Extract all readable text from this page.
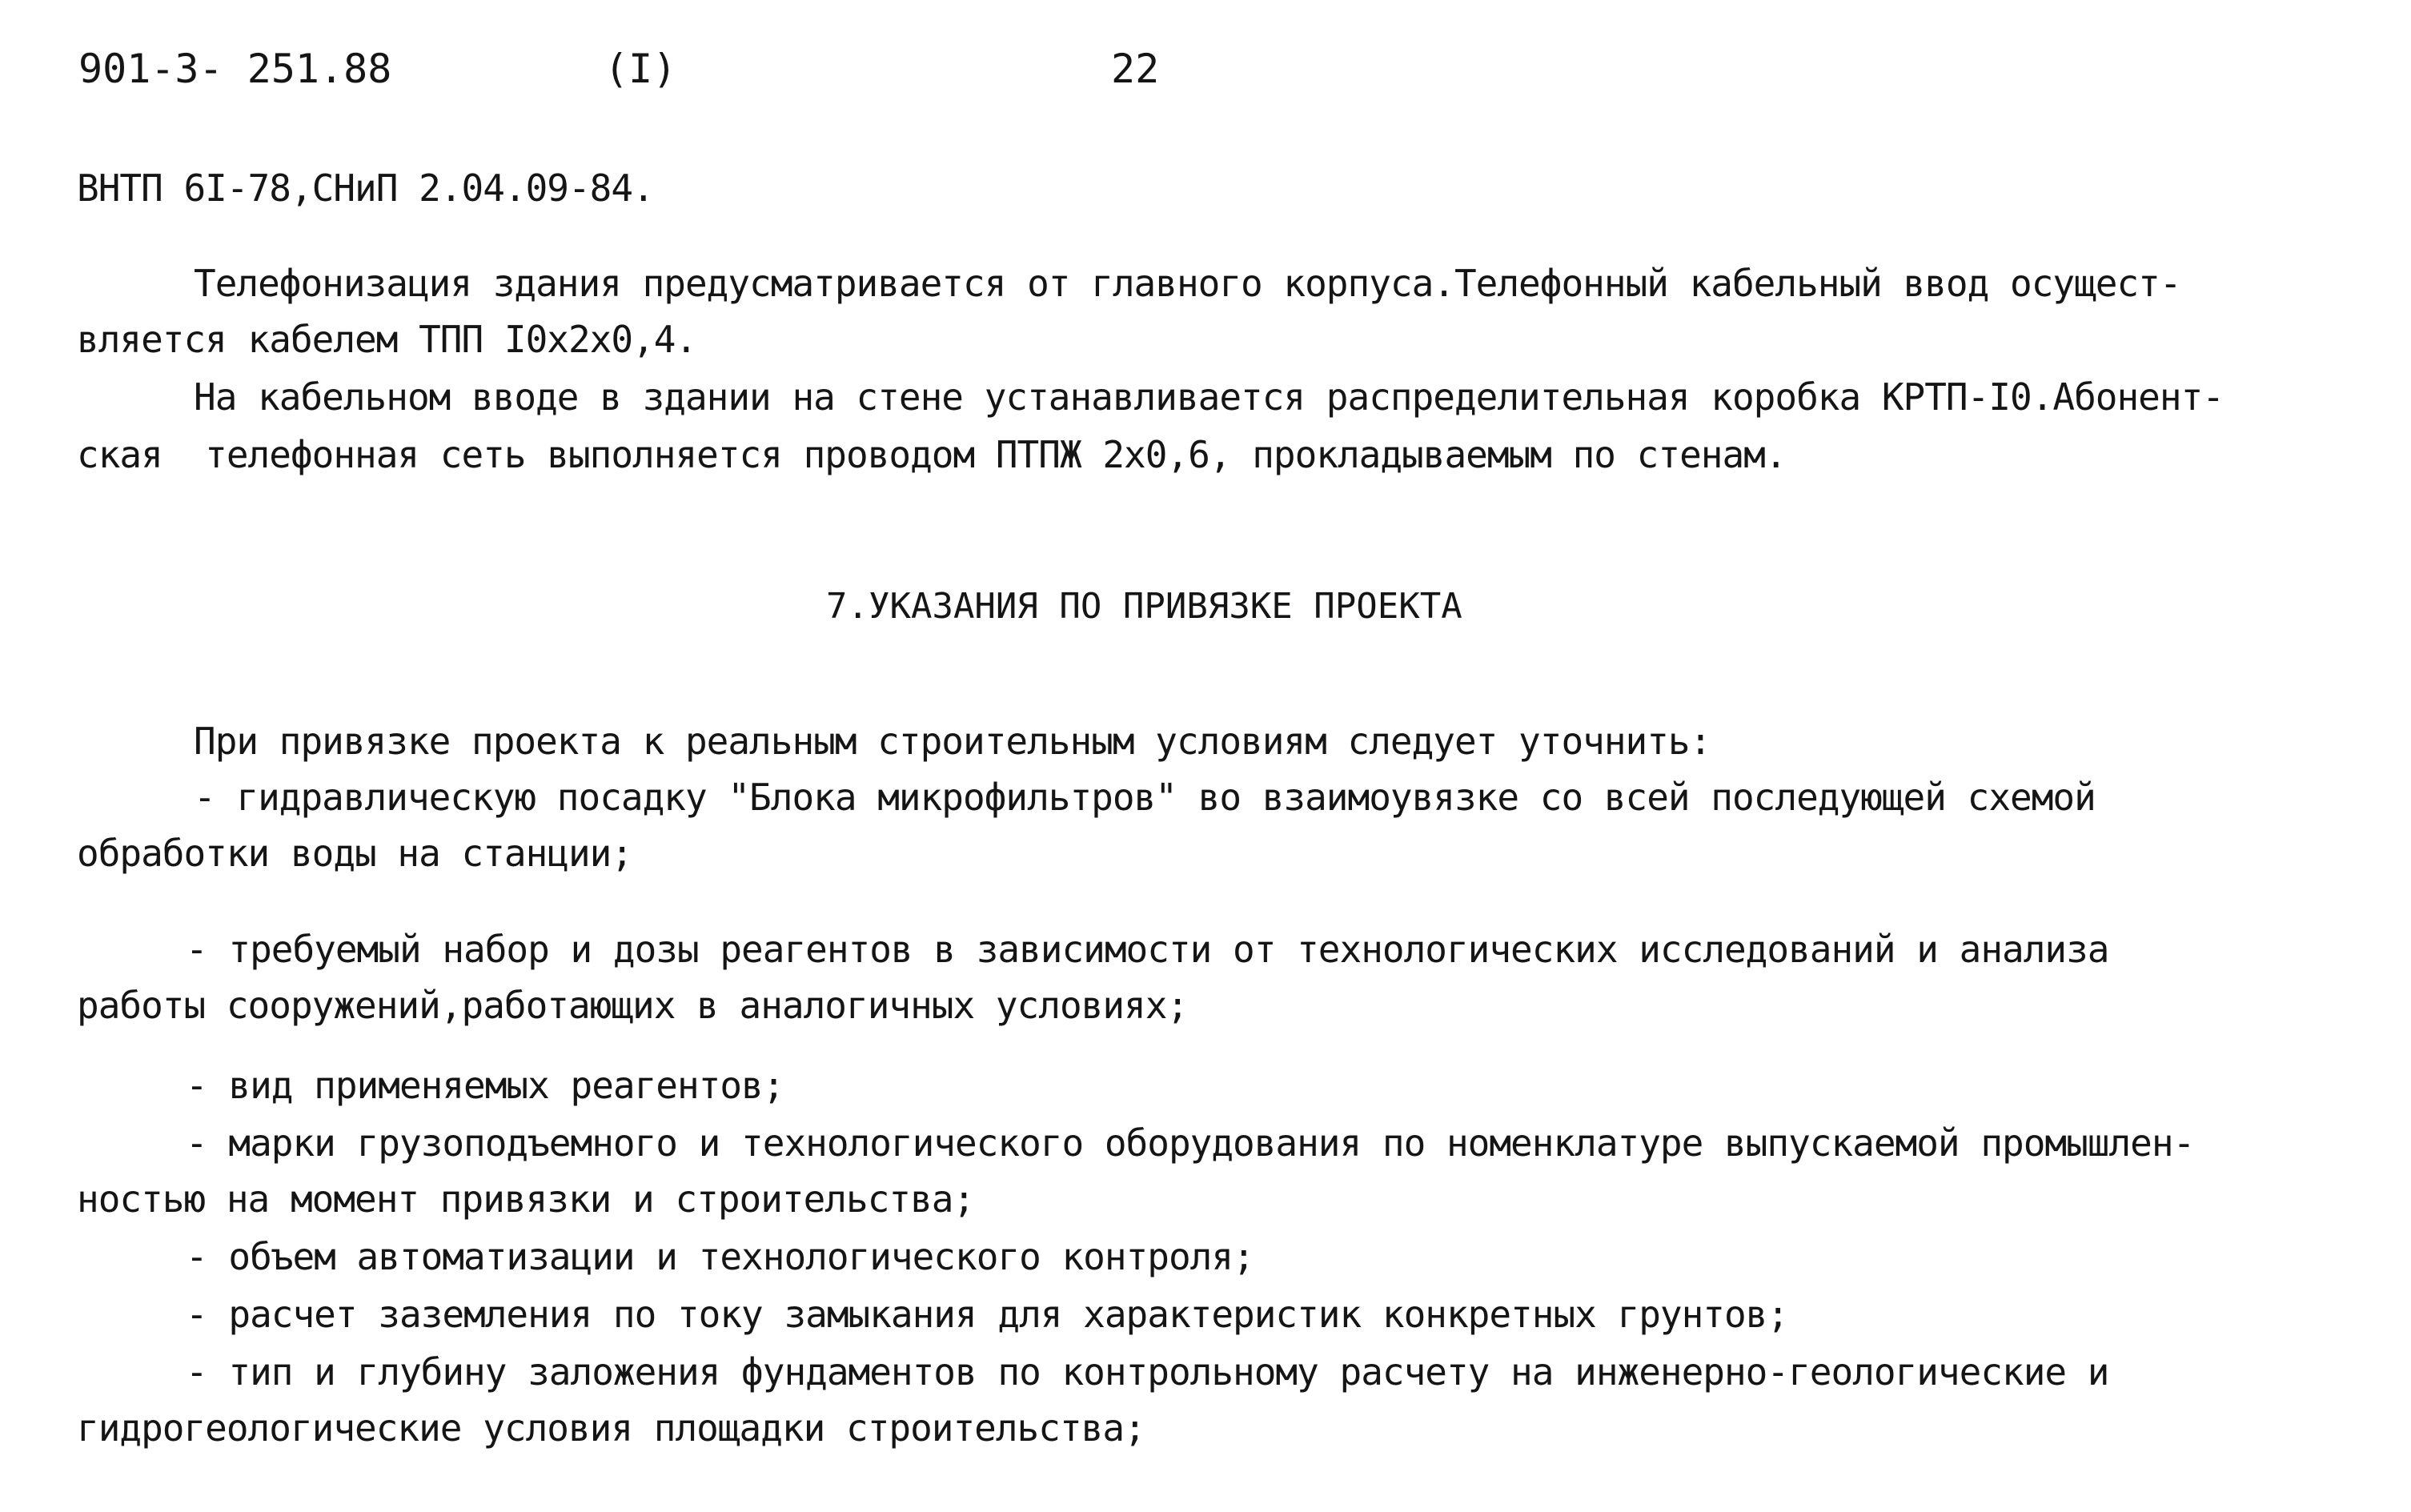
901-3- 251.88	(I)	22
ВНТП 6I-78,СНиП 2.04.09-84.
Телефонизация здания предусматривается от главного корпуса.Телефонный кабельный ввод осущест-
вляется кабелем ТПП I0x2x0,4.
На кабельном вводе в здании на стене устанавливается распределительная коробка КРТП-I0.Абонент-
ская  телефонная сеть выполняется проводом ПТПЖ 2x0,6, прокладываемым по стенам.
7.УКАЗАНИЯ ПО ПРИВЯЗКЕ ПРОЕКТА
При привязке проекта к реальным строительным условиям следует уточнить:
- гидравлическую посадку "Блока микрофильтров" во взаимоувязке со всей последующей схемой
обработки воды на станции;
- требуемый набор и дозы реагентов в зависимости от технологических исследований и анализа
работы сооружений,работающих в аналогичных условиях;
- вид применяемых реагентов;
- марки грузоподъемного и технологического оборудования по номенклатуре выпускаемой промышлен-
ностью на момент привязки и строительства;
- объем автоматизации и технологического контроля;
- расчет заземления по току замыкания для характеристик конкретных грунтов;
- тип и глубину заложения фундаментов по контрольному расчету на инженерно-геологические и
гидрогеологические условия площадки строительства;
